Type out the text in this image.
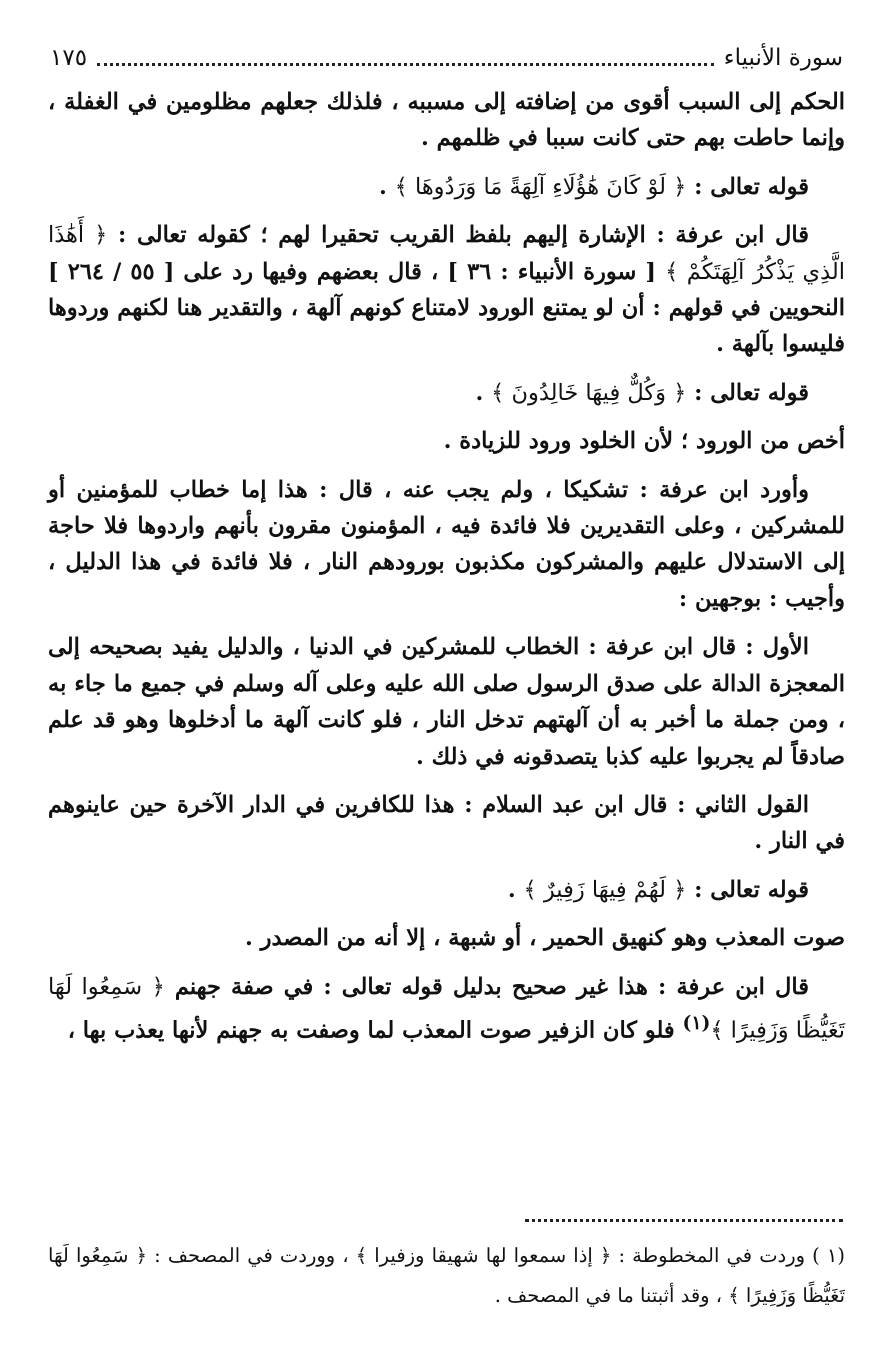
سورة الأنبياء
١٧٥

الحكم إلى السبب أقوى من إضافته إلى مسببه ، فلذلك جعلهم مظلومين في الغفلة ، وإنما حاطت بهم حتى كانت سببا في ظلمهم .

قوله تعالى : ﴿ لَوْ كَانَ هَٰؤُلَاءِ آلِهَةً مَا وَرَدُوهَا ﴾ .

قال ابن عرفة : الإشارة إليهم بلفظ القريب تحقيرا لهم ؛ كقوله تعالى : ﴿ أَهَٰذَا الَّذِي يَذْكُرُ آلِهَتَكُمْ ﴾ [ سورة الأنبياء : ٣٦ ] ، قال بعضهم وفيها رد على [ ٥٥ / ٢٦٤ ] النحويين في قولهم : أن لو يمتنع الورود لامتناع كونهم آلهة ، والتقدير هنا لكنهم وردوها فليسوا بآلهة .

قوله تعالى : ﴿ وَكُلٌّ فِيهَا خَالِدُونَ ﴾ .

أخص من الورود ؛ لأن الخلود ورود للزيادة .

وأورد ابن عرفة : تشكيكا ، ولم يجب عنه ، قال : هذا إما خطاب للمؤمنين أو للمشركين ، وعلى التقديرين فلا فائدة فيه ، المؤمنون مقرون بأنهم واردوها فلا حاجة إلى الاستدلال عليهم والمشركون مكذبون بورودهم النار ، فلا فائدة في هذا الدليل ، وأجيب : بوجهين :

الأول : قال ابن عرفة : الخطاب للمشركين في الدنيا ، والدليل يفيد بصحيحه إلى المعجزة الدالة على صدق الرسول صلى الله عليه وعلى آله وسلم في جميع ما جاء به ، ومن جملة ما أخبر به أن آلهتهم تدخل النار ، فلو كانت آلهة ما أدخلوها وهو قد علم صادقاً لم يجربوا عليه كذبا يتصدقونه في ذلك .

القول الثاني : قال ابن عبد السلام : هذا للكافرين في الدار الآخرة حين عاينوهم في النار .

قوله تعالى : ﴿ لَهُمْ فِيهَا زَفِيرٌ ﴾ .

صوت المعذب وهو كنهيق الحمير ، أو شبهة ، إلا أنه من المصدر .

قال ابن عرفة : هذا غير صحيح بدليل قوله تعالى : في صفة جهنم ﴿ سَمِعُوا لَهَا تَغَيُّظًا وَزَفِيرًا ﴾$^{(١)}$ فلو كان الزفير صوت المعذب لما وصفت به جهنم لأنها يعذب بها ،

(١ ) وردت في المخطوطة : ﴿ إذا سمعوا لها شهيقا وزفيرا ﴾ ، ووردت في المصحف : ﴿ سَمِعُوا لَهَا تَغَيُّظًا وَزَفِيرًا ﴾ ، وقد أثبتنا ما في المصحف .
